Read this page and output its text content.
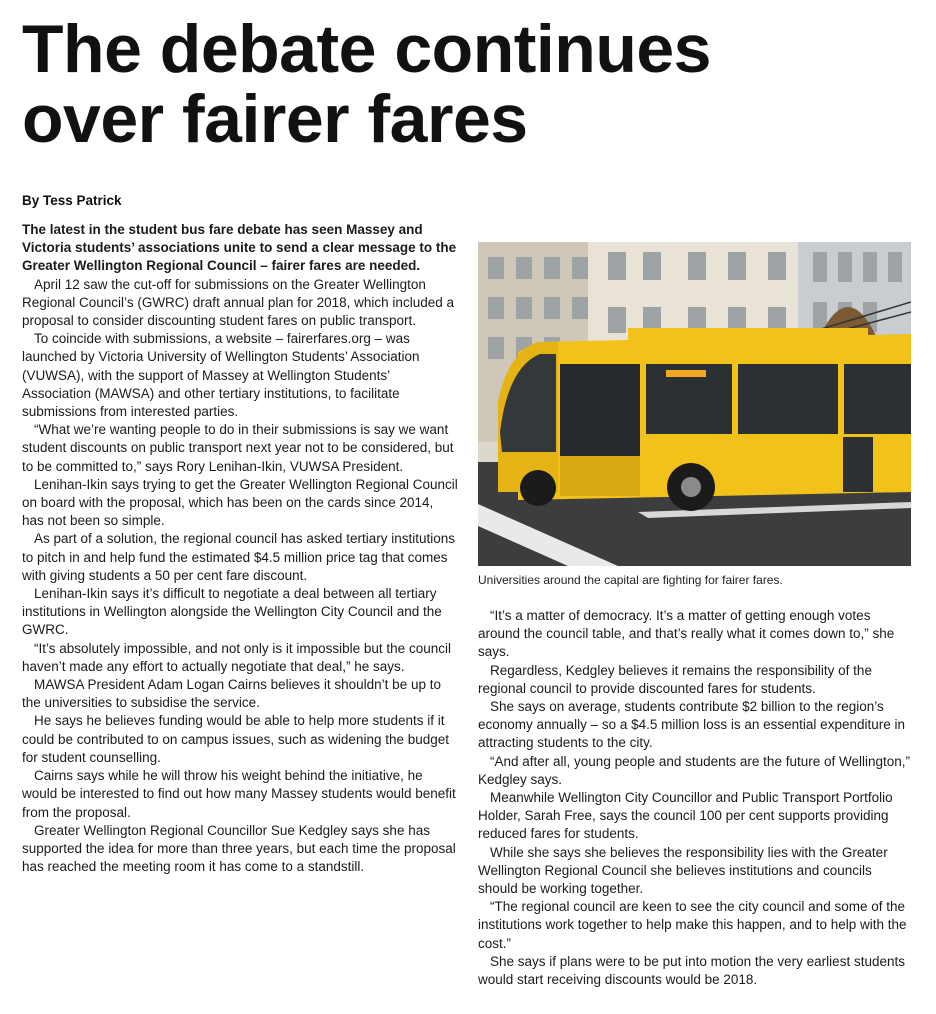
The debate continues
over fairer fares
By Tess Patrick

The latest in the student bus fare debate has seen Massey and Victoria students’ associations unite to send a clear message to the Greater Wellington Regional Council – fairer fares are needed.

April 12 saw the cut-off for submissions on the Greater Wellington Regional Council’s (GWRC) draft annual plan for 2018, which included a proposal to consider discounting student fares on public transport.

To coincide with submissions, a website – fairerfares.org – was launched by Victoria University of Wellington Students’ Association (VUWSA), with the support of Massey at Wellington Students’ Association (MAWSA) and other tertiary institutions, to facilitate submissions from interested parties.

“What we’re wanting people to do in their submissions is say we want student discounts on public transport next year not to be considered, but to be committed to,” says Rory Lenihan-Ikin, VUWSA President.

Lenihan-Ikin says trying to get the Greater Wellington Regional Council on board with the proposal, which has been on the cards since 2014, has not been so simple.

As part of a solution, the regional council has asked tertiary institutions to pitch in and help fund the estimated $4.5 million price tag that comes with giving students a 50 per cent fare discount.

Lenihan-Ikin says it’s difficult to negotiate a deal between all tertiary institutions in Wellington alongside the Wellington City Council and the GWRC.

“It’s absolutely impossible, and not only is it impossible but the council haven’t made any effort to actually negotiate that deal,” he says.

MAWSA President Adam Logan Cairns believes it shouldn’t be up to the universities to subsidise the service.

He says he believes funding would be able to help more students if it could be contributed to on campus issues, such as widening the budget for student counselling.

Cairns says while he will throw his weight behind the initiative, he would be interested to find out how many Massey students would benefit from the proposal.

Greater Wellington Regional Councillor Sue Kedgley says she has supported the idea for more than three years, but each time the proposal has reached the meeting room it has come to a standstill.

Universities around the capital are fighting for fairer fares.

“It’s a matter of democracy. It’s a matter of getting enough votes around the council table, and that’s really what it comes down to,” she says.

Regardless, Kedgley believes it remains the responsibility of the regional council to provide discounted fares for students.

She says on average, students contribute $2 billion to the region’s economy annually – so a $4.5 million loss is an essential expenditure in attracting students to the city.

“And after all, young people and students are the future of Wellington,” Kedgley says.

Meanwhile Wellington City Councillor and Public Transport Portfolio Holder, Sarah Free, says the council 100 per cent supports providing reduced fares for students.

While she says she believes the responsibility lies with the Greater Wellington Regional Council she believes institutions and councils should be working together.

“The regional council are keen to see the city council and some of the institutions work together to help make this happen, and to help with the cost.”

She says if plans were to be put into motion the very earliest students would start receiving discounts would be 2018.
